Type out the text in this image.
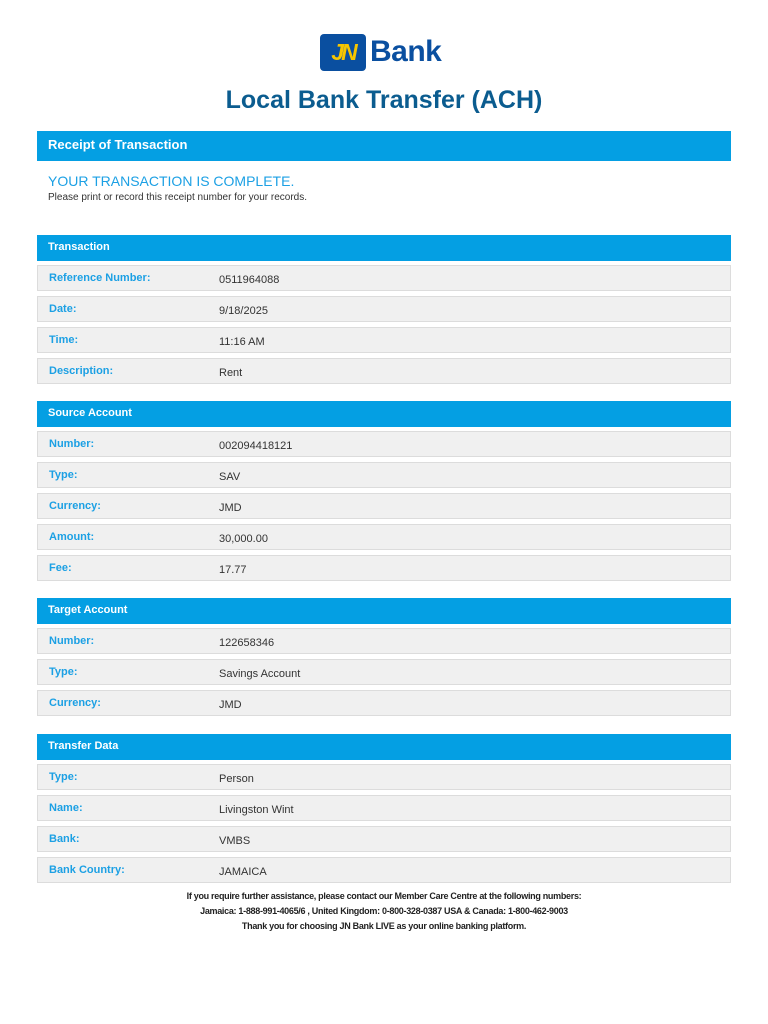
JN Bank
Local Bank Transfer (ACH)
Receipt of Transaction
YOUR TRANSACTION IS COMPLETE.
Please print or record this receipt number for your records.
Transaction
Reference Number:	0511964088
Date:	9/18/2025
Time:	11:16 AM
Description:	Rent
Source Account
Number:	002094418121
Type:	SAV
Currency:	JMD
Amount:	30,000.00
Fee:	17.77
Target Account
Number:	122658346
Type:	Savings Account
Currency:	JMD
Transfer Data
Type:	Person
Name:	Livingston Wint
Bank:	VMBS
Bank Country:	JAMAICA
If you require further assistance, please contact our Member Care Centre at the following numbers:
Jamaica: 1-888-991-4065/6 , United Kingdom: 0-800-328-0387 USA & Canada: 1-800-462-9003
Thank you for choosing JN Bank LIVE as your online banking platform.
